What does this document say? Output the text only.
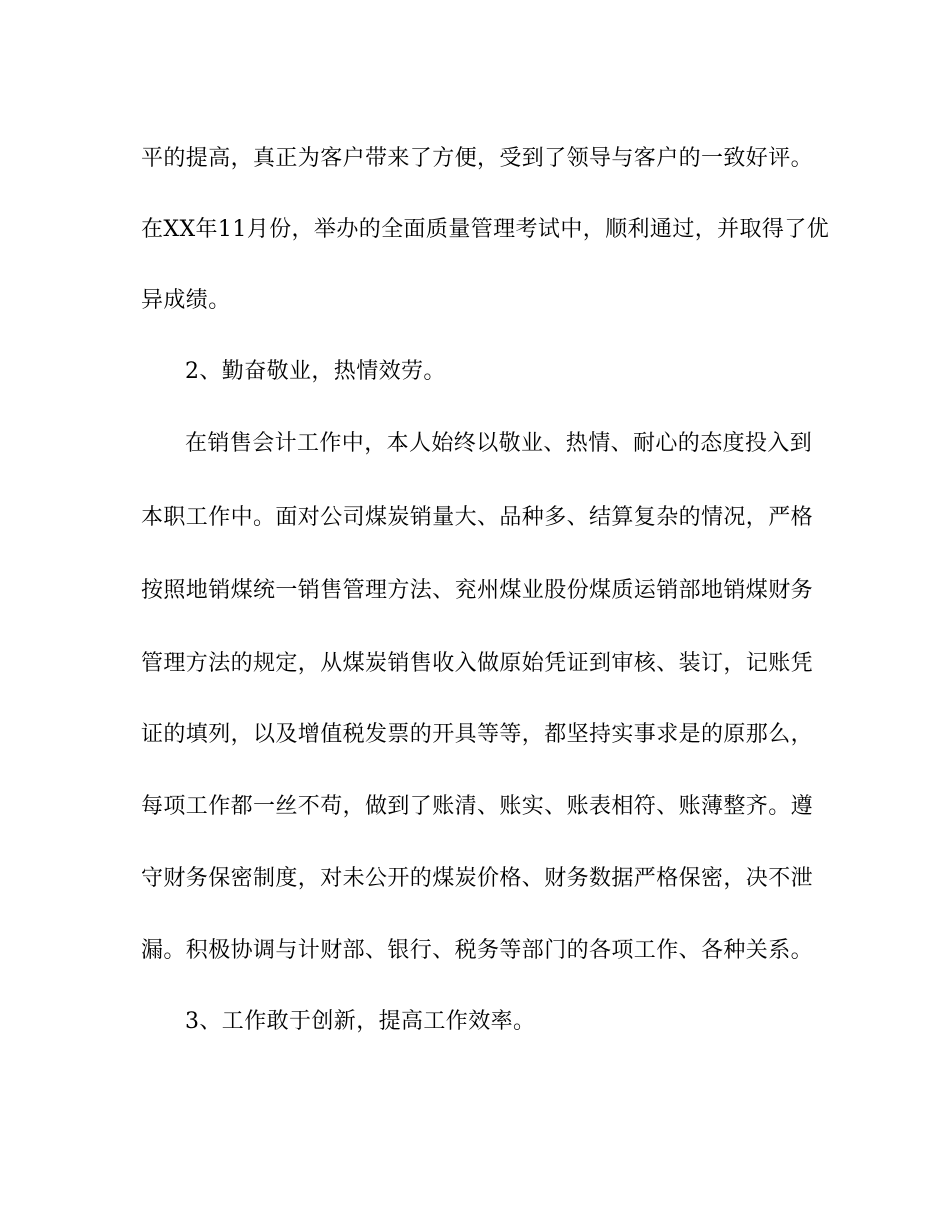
平的提高，真正为客户带来了方便，受到了领导与客户的一致好评。
在XX年11月份，举办的全面质量管理考试中，顺利通过，并取得了优
异成绩。
2、勤奋敬业，热情效劳。
在销售会计工作中，本人始终以敬业、热情、耐心的态度投入到
本职工作中。面对公司煤炭销量大、品种多、结算复杂的情况，严格
按照地销煤统一销售管理方法、兖州煤业股份煤质运销部地销煤财务
管理方法的规定，从煤炭销售收入做原始凭证到审核、装订，记账凭
证的填列，以及增值税发票的开具等等，都坚持实事求是的原那么，
每项工作都一丝不苟，做到了账清、账实、账表相符、账薄整齐。遵
守财务保密制度，对未公开的煤炭价格、财务数据严格保密，决不泄
漏。积极协调与计财部、银行、税务等部门的各项工作、各种关系。
3、工作敢于创新，提高工作效率。
